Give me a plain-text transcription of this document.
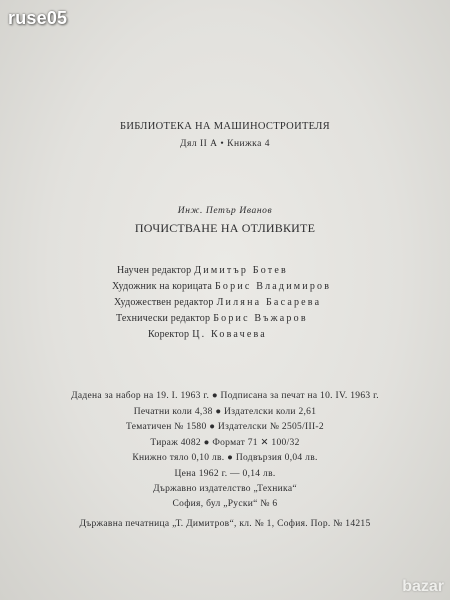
ruse05
БИБЛИОТЕКА НА МАШИНОСТРОИТЕЛЯ
Дял II А • Книжка 4
Инж. Петър Иванов
ПОЧИСТВАНЕ НА ОТЛИВКИТЕ
Научен редактор Димитър Ботев
Художник на корицата Борис Владимиров
Художествен редактор Лиляна Басарева
Технически редактор Борис Въжаров
Коректор Ц. Ковачева
Дадена за набор на 19. I. 1963 г. ● Подписана за печат на 10. IV. 1963 г.
Печатни коли 4,38 ● Издателски коли 2,61
Тематичен № 1580 ● Издателски № 2505/III-2
Тираж 4082 ● Формат 71 ✕ 100/32
Книжно тяло 0,10 лв. ● Подвързия 0,04 лв.
Цена 1962 г. — 0,14 лв.
Държавно издателство „Техника“
София, бул „Руски“ № 6
Държавна печатница „Т. Димитров“, кл. № 1, София. Пор. № 14215
bazar
